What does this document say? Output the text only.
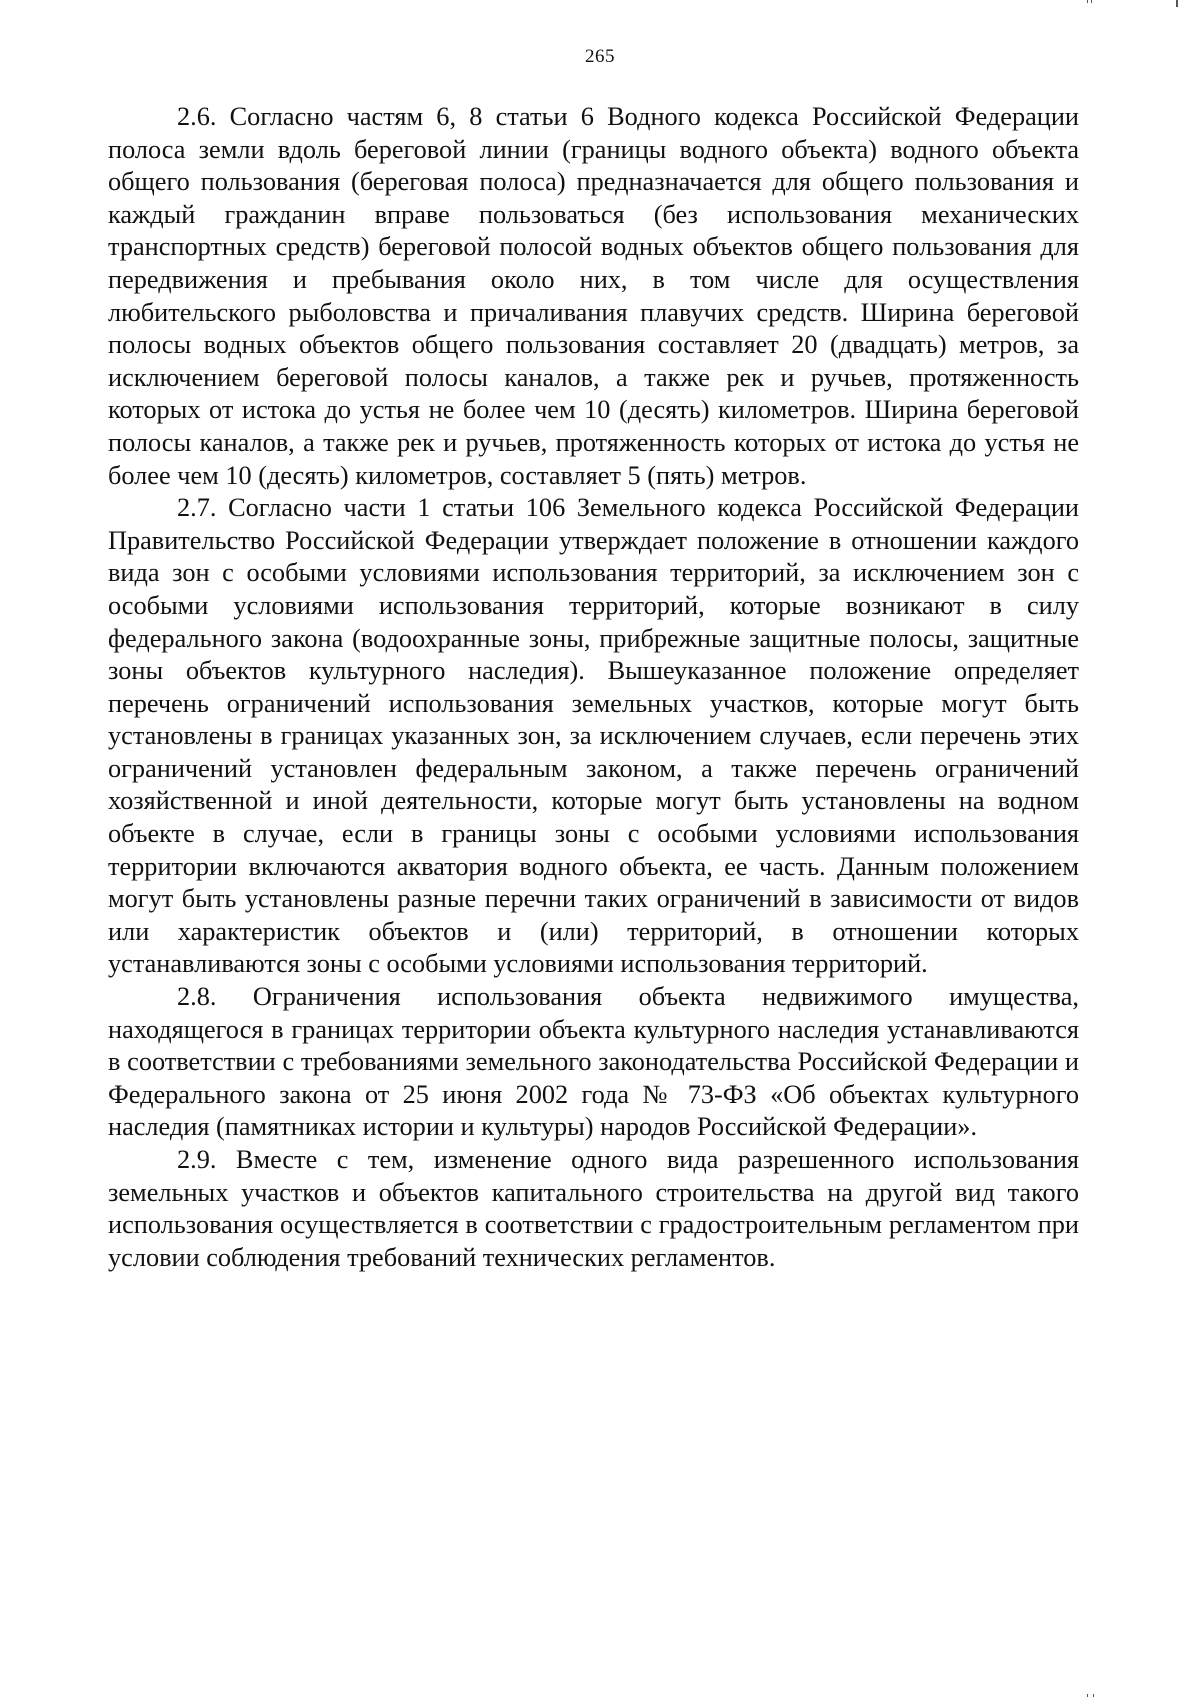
265

2.6. Согласно частям 6, 8 статьи 6 Водного кодекса Российской Федерации полоса земли вдоль береговой линии (границы водного объекта) водного объекта общего пользования (береговая полоса) предназначается для общего пользования и каждый гражданин вправе пользоваться (без использования механических транспортных средств) береговой полосой водных объектов общего пользования для передвижения и пребывания около них, в том числе для осуществления любительского рыболовства и причаливания плавучих средств. Ширина береговой полосы водных объектов общего пользования составляет 20 (двадцать) метров, за исключением береговой полосы каналов, а также рек и ручьев, протяженность которых от истока до устья не более чем 10 (десять) километров. Ширина береговой полосы каналов, а также рек и ручьев, протяженность которых от истока до устья не более чем 10 (десять) километров, составляет 5 (пять) метров.

2.7. Согласно части 1 статьи 106 Земельного кодекса Российской Федерации Правительство Российской Федерации утверждает положение в отношении каждого вида зон с особыми условиями использования территорий, за исключением зон с особыми условиями использования территорий, которые возникают в силу федерального закона (водоохранные зоны, прибрежные защитные полосы, защитные зоны объектов культурного наследия). Вышеуказанное положение определяет перечень ограничений использования земельных участков, которые могут быть установлены в границах указанных зон, за исключением случаев, если перечень этих ограничений установлен федеральным законом, а также перечень ограничений хозяйственной и иной деятельности, которые могут быть установлены на водном объекте в случае, если в границы зоны с особыми условиями использования территории включаются акватория водного объекта, ее часть. Данным положением могут быть установлены разные перечни таких ограничений в зависимости от видов или характеристик объектов и (или) территорий, в отношении которых устанавливаются зоны с особыми условиями использования территорий.

2.8. Ограничения использования объекта недвижимого имущества, находящегося в границах территории объекта культурного наследия устанавливаются в соответствии с требованиями земельного законодательства Российской Федерации и Федерального закона от 25 июня 2002 года № 73-ФЗ «Об объектах культурного наследия (памятниках истории и культуры) народов Российской Федерации».

2.9. Вместе с тем, изменение одного вида разрешенного использования земельных участков и объектов капитального строительства на другой вид такого использования осуществляется в соответствии с градостроительным регламентом при условии соблюдения требований технических регламентов.
